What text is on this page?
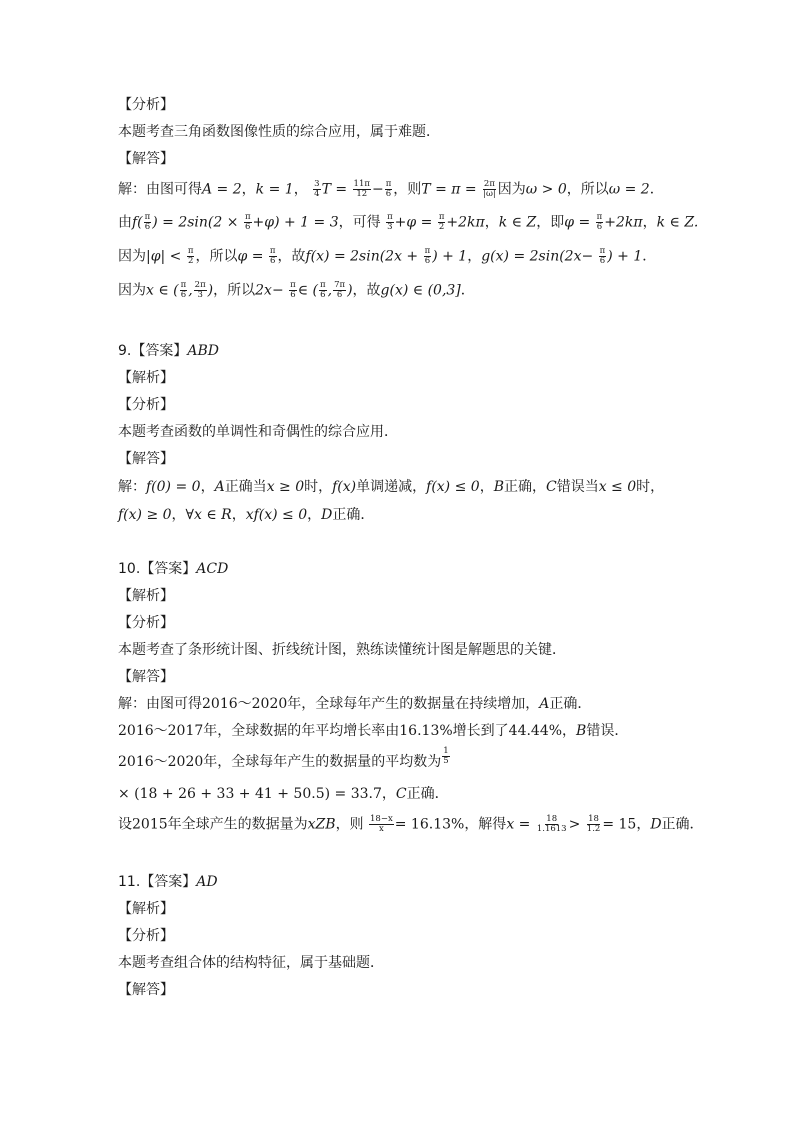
【分析】
本题考查三角函数图像性质的综合应用，属于难题．
【解答】
解：由图可得A = 2，k = 1， $\frac{3}{4}$ $T = \frac{11\pi}{12} - \frac{\pi}{6}$ ，则$T = \pi = \frac{2\pi}{|\omega|}$ 因为ω > 0，所以ω = 2．
由$f( \frac{\pi}{6}$ ) = $2\sin(2 \times \frac{\pi}{6} +\varphi) + 1 = 3$，可得 $\frac{\pi}{3} +\varphi = \frac{\pi}{2} +2k\pi$，k ∈ Z，即$\varphi = \frac{\pi}{6} +2k\pi$，k ∈ Z.
因为$|\varphi| < \frac{\pi}{2}$ ，所以$\varphi = \frac{\pi}{6}$ ，故$f(x) = 2\sin(2x + \frac{\pi}{6}$ ) + 1，$g(x) = 2\sin(2x- \frac{\pi}{6}$ ) + 1．
因为x ∈ ( $\frac{\pi}{6}$ , $\frac{2\pi}{3}$ )，所以$2x- \frac{\pi}{6}$ ∈ ( $\frac{\pi}{6}$ , $\frac{7\pi}{6}$ )，故g(x) ∈ (0,3]．
9.【答案】ABD
【解析】
【分析】
本题考查函数的单调性和奇偶性的综合应用．
【解答】
解：f(0) = 0，A正确当x ≥ 0时，f(x)单调递减，f(x) ≤ 0，B正确，C错误当x ≤ 0时，
f(x) ≥ 0，∀x ∈ R，xf(x) ≤ 0，D正确．
10.【答案】ACD
【解析】
【分析】
本题考查了条形统计图、折线统计图，熟练读懂统计图是解题思的关键．
【解答】
解：由图可得2016～2020年，全球每年产生的数据量在持续增加，A正确．
2016～2017年，全球数据的年平均增长率由16.13%增长到了44.44%，B错误．
2016～2020年，全球每年产生的数据量的平均数为 $\frac{1}{5}$
× (18 + 26 + 33 + 41 + 50.5) = 33.7，C正确．
设2015年全球产生的数据量为xZB，则 $\frac{18-x}{x} = 16.13\%$，解得$x = \frac{18}{1.1613} > \frac{18}{1.2} = 15$，D正确．
11.【答案】AD
【解析】
【分析】
本题考查组合体的结构特征，属于基础题．
【解答】
